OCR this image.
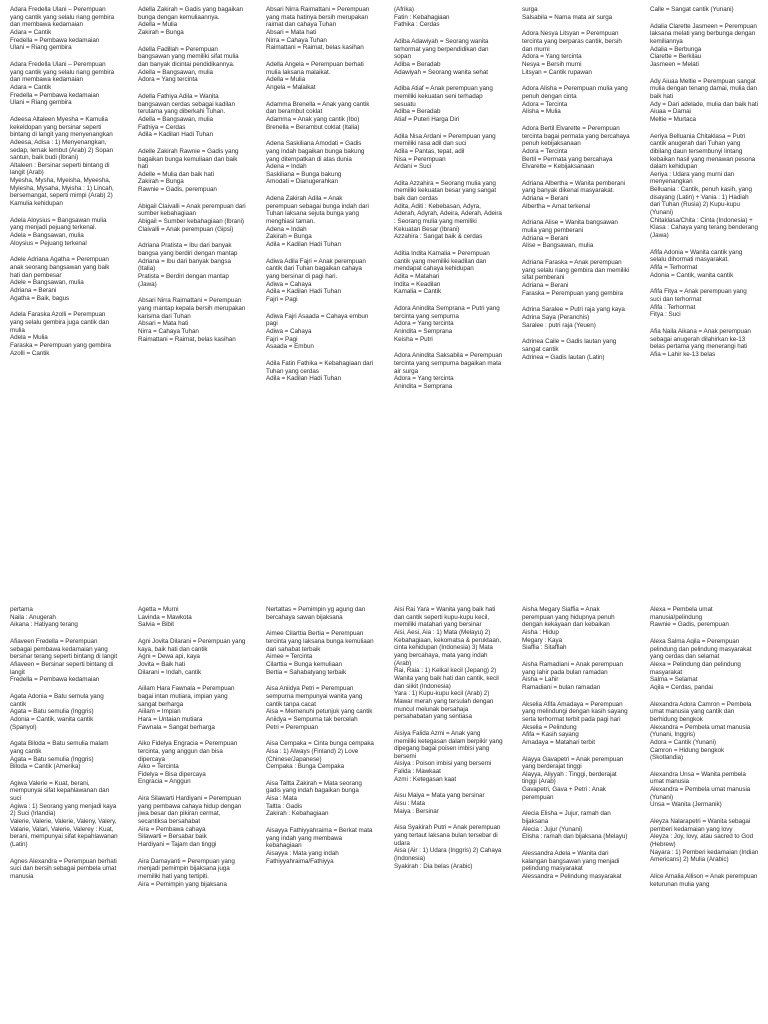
Adara Fredella Ulani – Perempuan yang cantik yang selalu riang gembira dan membawa kedamaian
Adara = Cantik
Fredella = Pembawa kedamaian
Ulani = Riang gembira

Adara Fredella Ulani – Perempuan yang cantik yang selalu riang gembira dan membawa kedamaian
Adara = Cantik
Fredella = Pembawa kedamaian
Ulani = Riang gembira

Adeesa Altaleen Myesha = Kamulia kekeldopan yang bersinar seperti bintang di langit yang menyenangkan
Adeesa, Adisa : 1) Menyenangkan, sedap, lemak lembut (Arab) 2) Sopan santun, baik budi (Ibrani)
Altaleen : Bersinar seperti bintang di langit (Arab)
Myesha, Mysha, Myeisha, Myeesha, Myiesha, Mysaha, Myisha : 1) Lincah, bersemangat, seperti mimpi (Arab) 2) Kamulia kehidupan

Adela Aloysius = Bangsawan mulia yang menjadi pejuang terkenal.
Adela = Bangsawan, mulia
Aloysius = Pejuang terkenal

Adele Adriana Agatha = Perempuan anak seorang bangsawan yang baik hati dan pembesar
Adele = Bangsawan, mulia
Adriana = Berani
Agatha = Baik, bagus

Adela Faraska Azolli = Perempuan yang selalu gembira juga cantik dan mulia
Adela = Mulia
Faraska = Perempuan yang gembira
Azolli = Cantik

Adella Zakirah = Gadis yang bagaikan bunga dengan kemuliaannya.
Adella = Mulia
Zakirah = Bunga

Adella Fadillah = Perempuan bangsawan yang memiliki sifat mulia dan banyak dicintai pendidikannya.
Adella = Bangsawan, mulia
Adora = Yang tercinta

Adella Fathiya Adila = Wanita bangsawan cerdas sebagai kadilan terutama yang diberkahi Tuhan.
Adella = Bangsawan, mulia
Fathiya = Cerdas
Adila = Kadilan Hadi Tuhan

Adelle Zakirah Rawnie = Gadis yang bagaikan bunga kemuliaan dan baik hati
Adelle = Mulia dan baik hati
Zakirah = Bunga
Rawnie = Gadis, perempuan

Abigail Claivalli = Anak perempuan dari sumber kebahagiaan
Abigail = Sumber kebahagiaan (Ibrani)
Claivalli = Anak perempuan (Gipsi)

Adriana Pratista = Ibu dari banyak bangsa yang berdiri dengan mantap
Adriana = Ibu dari banyak bangsa (Italia)
Pratista = Berdiri dengan mantap (Jawa)

Absari Nirra Raimattani = Perempuan yang mantap kepala bersih merupakan karisma dari Tuhan
Absari = Mata hati
Nirra = Cahaya Tuhan
Raimattani = Raimat, belas kasihan

Absari Nirra Raimattani = Perempuan yang mata hatinya bersih merupakan raimat dan cahaya Tuhan
Absari = Mata hati
Nirra = Cahaya Tuhan
Raimattani = Raimat, belas kasihan

Adella Angela = Perempuan berhati mulia laksana malaikat.
Adella = Mulia
Angela = Malaikat

Adamma Brenella = Anak yang cantik dan berambut coklat
Adamma = Anak yang cantik (Ibo)
Brenella = Berambut coklat (Italia)

Adena Saskiliana Amodati = Gadis yang indah bagaikan bunga bakung yang ditempatkan di atas dunia
Adena = Indah
Saskiliana = Bunga bakung
Amodati = Dianugerahkan

Adena Zakirah Adila = Anak perempuan sebagai bunga indah dari Tuhan laksana sejuta bunga yang menghiasi taman.
Adena = Indah
Zakirah = Bunga
Adila = Kadilan Hadi Tuhan

Adiwa Adila Fajri = Anak perempuan cantik dari Tuhan bagaikan cahaya yang bersinar di pagi hari.
Adiwa = Cahaya
Adila = Kadilan Hadi Tuhan
Fajri = Pagi

Adiwa Fajri Asaada = Cahaya embun pagi
Adiwa = Cahaya
Fajri = Pagi
Asaada = Embun

Adila Fatin Fathika = Kebahagiaan dari Tuhan yang cerdas
Adila = Kadilan Hadi Tuhan

(Afrika)
Fatin : Kebahagiaan
Fathika : Cerdas

Adiba Adawiyah = Seorang wanita terhormat yang berpendidikan dan sopan
Adiba = Beradab
Adawiyah = Seorang wanita sehat

Adiba Atiaf = Anak perempuan yang memiliki kekuatan seni terhadap sesuatu
Adiba = Beradab
Atiaf = Puteri Harga Diri

Adila Nisa Ardani = Perempuan yang memiliki rasa adil dan suci
Adila = Pantas, tepat, adil
Nisa = Perempuan
Ardani = Suci

Adita Azzahira = Seorang mulia yang memiliki kekuatan besar yang sangat baik dan cerdas
Adita, Aditi : Kebebasan, Adyra, Aderah, Adyrah, Adeira, Aderah, Adeira : Seorang mulia yang memiliki Kekuatan Besar (Ibrani)
Azzahira : Sangat baik & cerdas

Aditia Indita Kamalia = Perempuan cantik yang memiliki keadilan dan mendapat cahaya kehidupan
Adita = Matahari
Indita = Keadilan
Kamalia = Cantik

Adora Anindita Semprana = Putri yang tercinta yang sempurna
Adora = Yang tercinta
Anindita = Semprana
Keisha = Putri

Adora Anindita Saksabila = Perempuan tercinta yang sempurna bagaikan mata air surga
Adora = Yang tercinta
Anindita = Semprana

surga
Salsabila = Nama mata air surga

Adora Nesya Litsyan = Perempuan tercinta yang berparas cantik, bersih dan murni
Adora = Yang tercinta
Nesya = Bersih murni
Litsyan = Cantik rupawan

Adora Alisha = Perempuan mulia yang penuh dengan cinta
Adora = Tercinta
Alisha = Mulia

Adora Bertil Elvarette = Perempuan tercinta bagai permata yang bercahaya penuh kebijaksanaan
Adora = Tercinta
Bertil = Permata yang bercahaya
Elvarette = Kebijaksanaan

Adriana Albertha = Wanita pemberani yang banyak dikenal masyarakat.
Adriana = Berani
Albertha = Amat terkenal

Adriana Alise = Wanita bangsawan mulia yang pemberani
Adriana = Berani
Alise = Bangsawan, mulia

Adriana Faraska = Anak perempuan yang selalu riang gembira dan memiliki sifat pemberani
Adriana = Berani
Faraska = Perempuan yang gembira

Adrina Saralee = Putri raja yang kaya
Adrina Saya (Peranchis)
Saralee : putri raja (Yeuen)

Adrinea Caile = Gadis lautan yang sangat cantik
Adrinea = Gadis lautan (Latin)

Calle = Sangat cantik (Yunani)

Adalia Clarette Jasmeen = Perempuan laksana melati yang berbunga dengan kemiliannya
Adalia = Berbunga
Clarette = Berkilau
Jasmeen = Melati

Ady Aiuaa Meltie = Perempuan sangat mulia dengan tenang damai, mulia dan baik hati
Ady = Dari adelade, mulia dan baik hati
Aiuaa = Damai
Meltie = Murtaca

Aeriya Belluania Chitaklasa = Putri cantik anugerah dari Tuhan yang dibilang daun tersembunyi lintang kebaikan hasil yang menawan pesona dalam kehidupan
Aeriya : Udara yang murni dan menyenangkan
Belluania : Cantik, penuh kasih, yang disayang (Latin) + Vania : 1) Hadiah dari Tuhan (Rusia) 2) Kupu-kupu (Yunani)
Chitaklasa/Chita : Cinta (Indonesia) + Klasa : Cahaya yang terang benderang (Jawa)

Afifa Adonia = Wanita cantik yang selalu dihormati masyarakat.
Afifa = Terhormat
Adonia = Cantik, wanita cantik

Afifa Fitya = Anak perempuan yang suci dan terhormat
Afifa : Terhormat
Fitya : Suci

Afia Naila Aikana = Anak perempuan sebagai anugerah dilahirkan ke-13 belas pertama yang menerangi hati
Afia = Lahir ke-13 belas

pertama
Naila : Anugerah
Aikana : Hatiyang terang

Afiaveen Fredella = Perempuan sebagai pembawa kedamaian yang bersinar terang seperti bintang di langit
Afiaveen = Bersinar seperti bintang di langit
Fredella = Pembawa kedamaian

Agata Adonia = Batu semula yang cantik
Agata = Batu semulia (Inggris)
Adonia = Cantik, wanita cantik (Spanyol)

Agata Biloda = Batu semulia malam yang cantik
Agata = Batu semulia (Inggris)
Biloda = Cantik (Amerika)

Agiwa Valerie = Kuat, berani, mempunyai sifat kepahlawanan dan suci
Agiwa : 1) Seorang yang menjadi kaya 2) Suci (Irlandia)
Valerie, Valerie, Valerie, Valeny, Valery, Valarie, Valari, Valerie, Valerey : Kuat, berani, mempunyai sifat kepahlawanan (Latin)

Agnes Alexandra = Perempuan berhati suci dan bersih sebagai pembela umat manusia

Agetta = Murni
Lavinda = Mawkota
Salvia = Bibit

Agni Jovita Dilarani = Perempuan yang kaya, baik hati dan cantik
Agni = Dewa api, kaya
Jovita = Baik hati
Dilarani = Indah, cantik

Aiilam Hara Fawnala = Perempuan bagai intan mutiara, impian yang sangat berharga
Aiilam = Impian
Hara = Untaian mutiara
Fawnala = Sangat berharga

Aiko Fidelya Engracia = Perempuan tercinta, yang anggun dan bisa dipercaya
Aiko = Tercinta
Fidelya = Bisa dipercaya
Engracia = Anggun

Aira Silawarti Hardiyani = Perempuan yang pembawa cahaya hidup dengan jiwa besar dan pikiran cermat, secantiksa bersahabat
Aira = Pembawa cahaya
Silawarti = Bersabar baik
Hardiyani = Tajam dan tinggi

Aira Damayanti = Perempuan yang menjadi pemimpin bijaksana juga memiliki hati yang tertipiti.
Aira = Pemimpin yang bijaksana

Nertattas = Pemimpin yg agung dan bercahaya sawan bijaksana

Aimee Cilarttia Bertia = Perempuan tercinta yang laksana bunga kemuliaan dari sahabat terbaik
Aimee = Tercinta
Cilarttia = Bunga kemuliaan
Bertia = Sahabatyang terbaik

Aisa Aniidya Petri = Perempuan sempurna mempunyai wanita yang cantik tanpa cacat
Aisa = Memenuhi petunjuk yang cantik
Aniidya = Sempurna tak bercelah
Petri = Perempuan

Aisa Cempaka = Cinta bunga cempaka
Aisa : 1) Always (Finland) 2) Love (Chinese/Japanese)
Cempaka : Bunga Cempaka

Aisa Taltta Zakirah = Mata seorang gadis yang indah bagaikan bunga
Aisa : Mata
Taltta : Gadis
Zakirah : Kebahagiaan

Aisayya Fathiyyahraima = Berkat mata yang indah yang membawa kebahagiaan
Aisayya : Mata yang indah
Fathiyyahraima/Fathiyya

Aisi Rai Yara = Wanita yang baik hati dan cantik seperti kupu-kupu kecil, memiliki matahari yang bersinar
Aisi, Aesi, Aia : 1) Mata (Melayu) 2) Kebahagiaan, kekomatsa & peruktaan, cinta kehidupan (Indonesia) 3) Mata yang bercahaya, mata yang indah (Arab)
Rai, Raia : 1) Kelkal kecil (Jepang) 2) Wanita yang baik hati dan cantik, kecil dan siikit (Indonesia)
Yara : 1) Kupu-kupu kecil (Arab) 2) Mawar merah yang tersulah dengan muncul melunak bersahaja persahabatan yang sentiasa

Aisiya Falida Azmi = Anak yang memiliki ketegasan dalam berpikir yang dipegang bagai poisen imbisi yang bersemi
Aisiya : Poison imbisi yang bersemi
Falida : Mawkaat
Azmi : Ketegasan kaat

Aisu Maiya = Mata yang bersinar
Aisu : Mata
Maiya : Bersinar

Aisa Syakirah Putri = Anak perempuan yang tertaut laksana bulan tersebar di udara
Aisa (Air : 1) Udara (Inggris) 2) Cahaya (Indonesia)
Syakirah : Dia belas (Arabic)

Aisha Megary Siaffia = Anak perempuan yang hidupnya penuh dengan kekayaan dan kebaikan
Aisha : Hidup
Megary : Kaya
Siaffia : Sitaffiah

Aisha Ramadiani = Anak perempuan yang lahir pada bulan ramadan
Aisha = Lahir
Ramadiani = bulan ramadan

Akselia Afifa Amadaya = Perempuan yang melindungi dengan kasih sayang serta terhormat terbit pada pagi hari
Akselia = Pelindung
Afifa = Kasih sayang
Amadaya = Matahari terbit

Alayya Gavapetri = Anak perempuan yang berderajat tinggi
Alayya, Aliyyah : Tinggi, berderajat tinggi (Arab)
Gavapetri, Gava + Petri : Anak perempuan

Alecia Elisha = Jujur, ramah dan bijaksana
Alecia : Jujur (Yunani)
Elisha : ramah dan bijaksana (Melayu)

Alessandra Adela = Wanita dari kalangan bangsawan yang menjadi pelindung masyarakat
Alessandra = Pelindung masyarakat

Alexa = Pembela umat manusia/pelindung
Rawnie = Gadis, perempuan

Alexa Salma Aqila = Perempuan pelindung dan pelindung masyarakat yang cerdas dan selamat
Alexa = Pelindung dan pelindung masyarakat
Salma = Selamat
Aqila = Cerdas, pandai

Alexandra Adora Camron = Pembela umat manusia yang cantik dan berhidung bengkok
Alexandra = Pembela umat manusia (Yunani, Inggris)
Adora = Cantik (Yunani)
Camron = Hidung bengkok (Skotlandia)

Alexandra Unsa = Wanita pembela umat manusia
Alexandra = Pembela umat manusia (Yunani)
Unsa = Wanita (Jermanik)

Aleyza Nalarapetri = Wanita sebagai pemberi kedamaian yang lovy
Aleyza : Joy, lovy, atau sacred to God (Hebrew)
Nayara : 1) Pemberi kedamaian (Indian Americans) 2) Mulia (Arabic)

Alice Amalia Allison = Anak perempuan keturunan mulia yang
